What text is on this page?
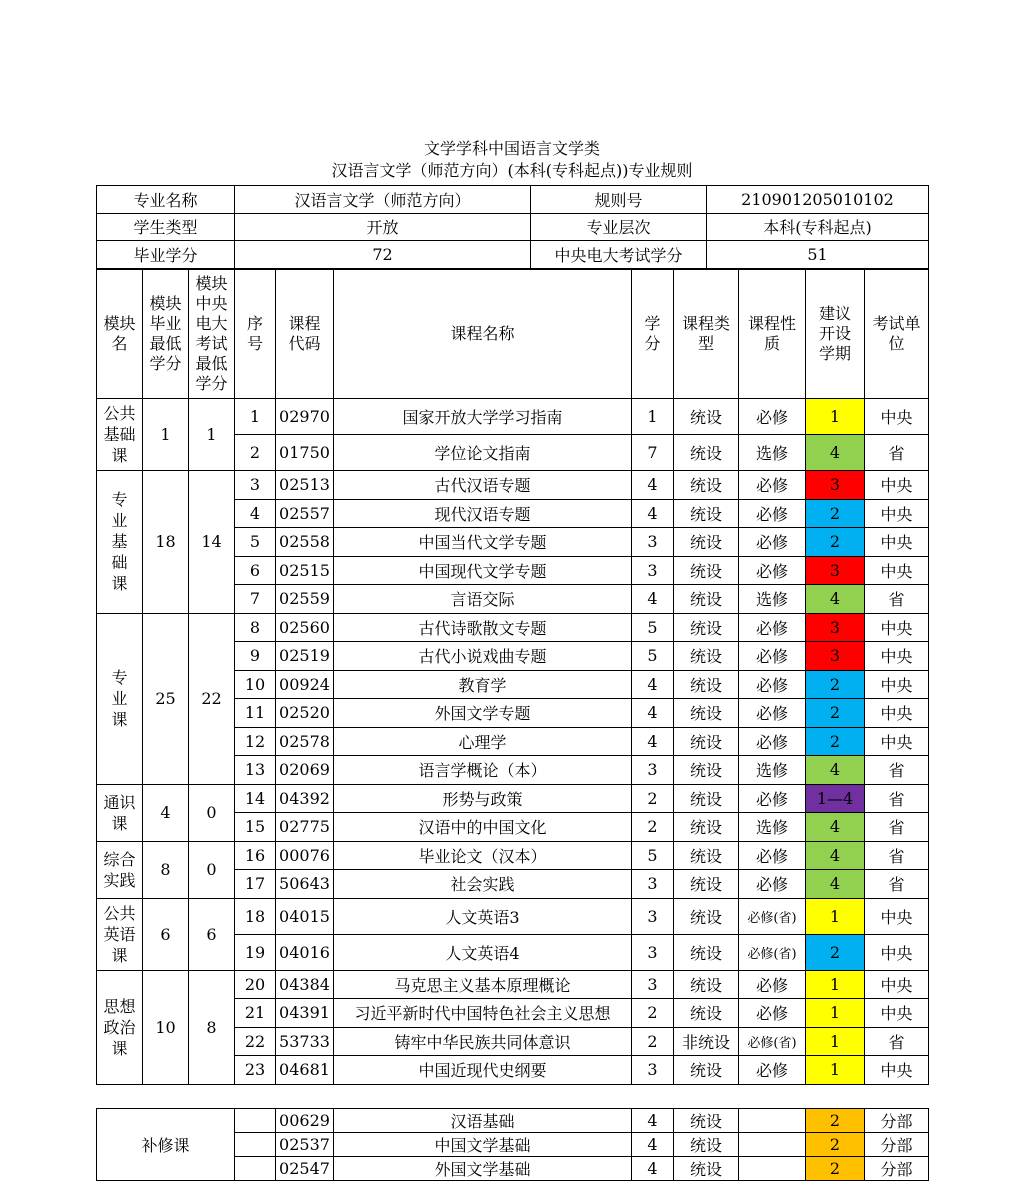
文学学科中国语言文学类
汉语言文学（师范方向）(本科(专科起点))专业规则
专业名称	汉语言文学（师范方向）	规则号	210901205010102
学生类型	开放	专业层次	本科(专科起点)
毕业学分	72	中央电大考试学分	51
模块名	模块毕业最低学分	模块中央电大考试最低学分	序号	课程代码	课程名称	学分	课程类型	课程性质	建议开设学期	考试单位

公共基础课	1	1	1	02970	国家开放大学学习指南	1	统设	必修	1	中央
			2	01750	学位论文指南	7	统设	选修	4	省

专业基础课	18	14	3	02513	古代汉语专题	4	统设	必修	3	中央
			4	02557	现代汉语专题	4	统设	必修	2	中央
			5	02558	中国当代文学专题	3	统设	必修	2	中央
			6	02515	中国现代文学专题	3	统设	必修	3	中央
			7	02559	言语交际	4	统设	选修	4	省

专业课	25	22	8	02560	古代诗歌散文专题	5	统设	必修	3	中央
			9	02519	古代小说戏曲专题	5	统设	必修	3	中央
			10	00924	教育学	4	统设	必修	2	中央
			11	02520	外国文学专题	4	统设	必修	2	中央
			12	02578	心理学	4	统设	必修	2	中央
			13	02069	语言学概论（本）	3	统设	选修	4	省

通识课	4	0	14	04392	形势与政策	2	统设	必修	1—4	省
			15	02775	汉语中的中国文化	2	统设	选修	4	省

综合实践	8	0	16	00076	毕业论文（汉本）	5	统设	必修	4	省
			17	50643	社会实践	3	统设	必修	4	省

公共英语课	6	6	18	04015	人文英语3	3	统设	必修(省)	1	中央
			19	04016	人文英语4	3	统设	必修(省)	2	中央

思想政治课	10	8	20	04384	马克思主义基本原理概论	3	统设	必修	1	中央
			21	04391	习近平新时代中国特色社会主义思想	2	统设	必修	1	中央
			22	53733	铸牢中华民族共同体意识	2	非统设	必修(省)	1	省
			23	04681	中国近现代史纲要	3	统设	必修	1	中央
补修课		00629	汉语基础	4	统设		2	分部
		02537	中国文学基础	4	统设		2	分部
		02547	外国文学基础	4	统设		2	分部
